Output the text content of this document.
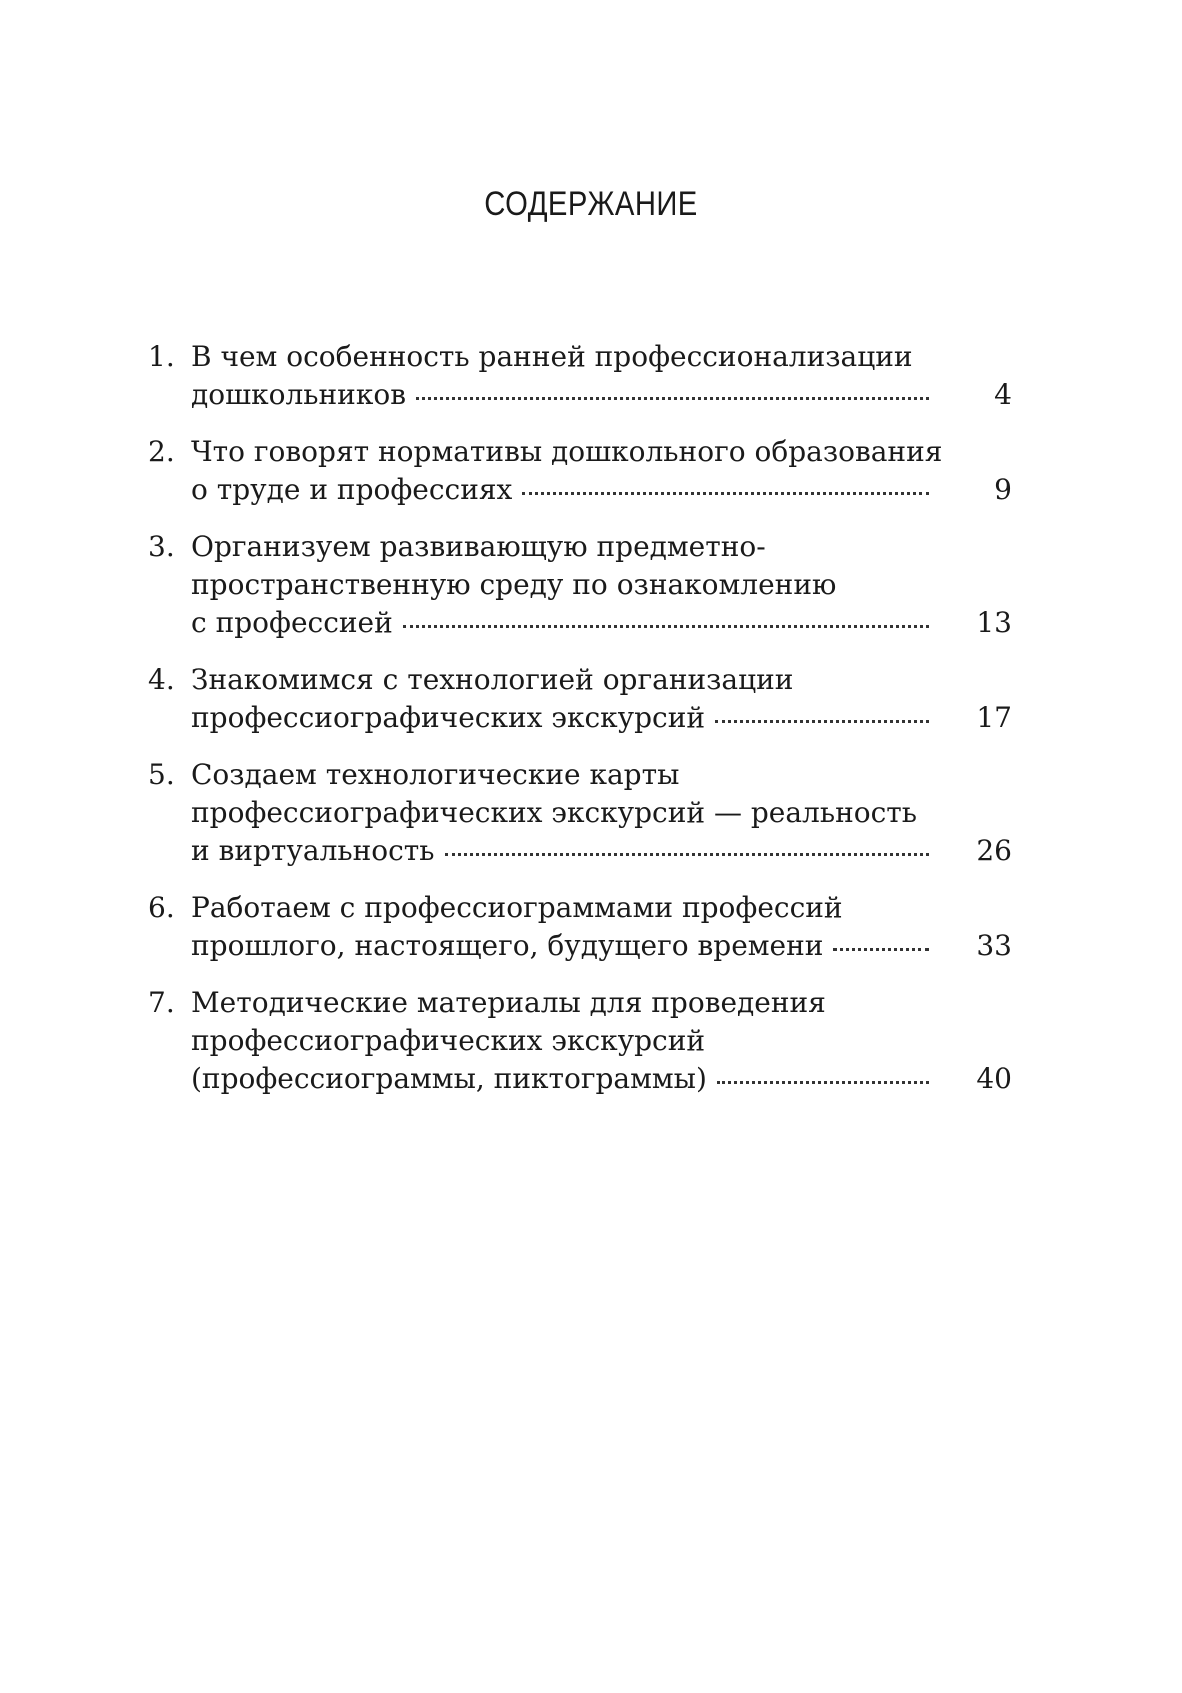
СОДЕРЖАНИЕ
1. В чем особенность ранней профессионализации
дошкольников	4
2. Что говорят нормативы дошкольного образования
о труде и профессиях	9
3. Организуем развивающую предметно-
пространственную среду по ознакомлению
с профессией	13
4. Знакомимся с технологией организации
профессиографических экскурсий	17
5. Создаем технологические карты
профессиографических экскурсий — реальность
и виртуальность	26
6. Работаем с профессиограммами профессий
прошлого, настоящего, будущего времени	33
7. Методические материалы для проведения
профессиографических экскурсий
(профессиограммы, пиктограммы)	40
